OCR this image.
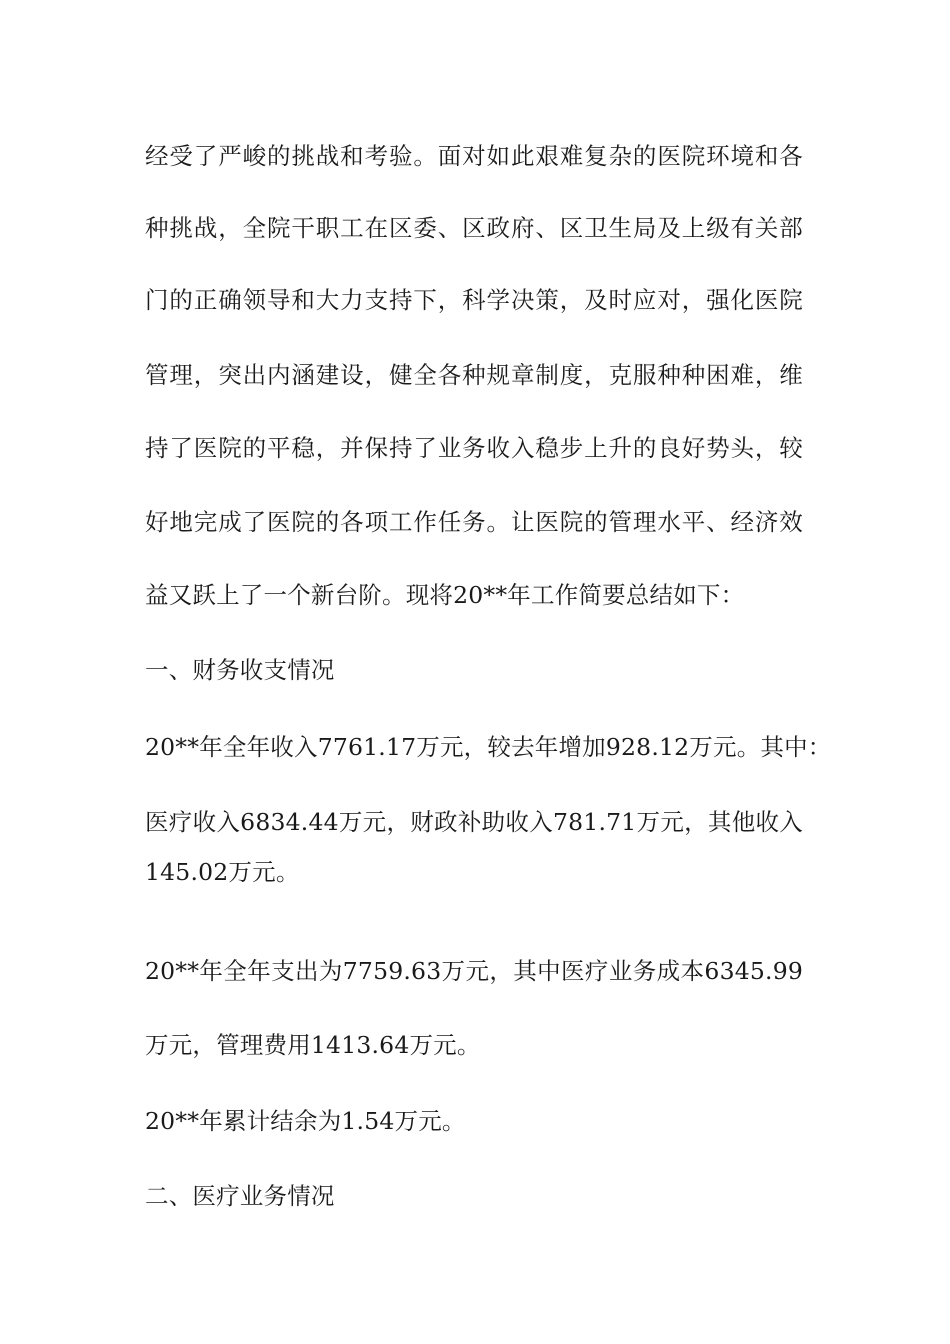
经受了严峻的挑战和考验。面对如此艰难复杂的医院环境和各
种挑战，全院干职工在区委、区政府、区卫生局及上级有关部
门的正确领导和大力支持下，科学决策，及时应对，强化医院
管理，突出内涵建设，健全各种规章制度，克服种种困难，维
持了医院的平稳，并保持了业务收入稳步上升的良好势头，较
好地完成了医院的各项工作任务。让医院的管理水平、经济效
益又跃上了一个新台阶。现将20**年工作简要总结如下：
一、财务收支情况
20**年全年收入7761.17万元，较去年增加928.12万元。其中：
医疗收入6834.44万元，财政补助收入781.71万元，其他收入
145.02万元。
20**年全年支出为7759.63万元，其中医疗业务成本6345.99
万元，管理费用1413.64万元。
20**年累计结余为1.54万元。
二、医疗业务情况
